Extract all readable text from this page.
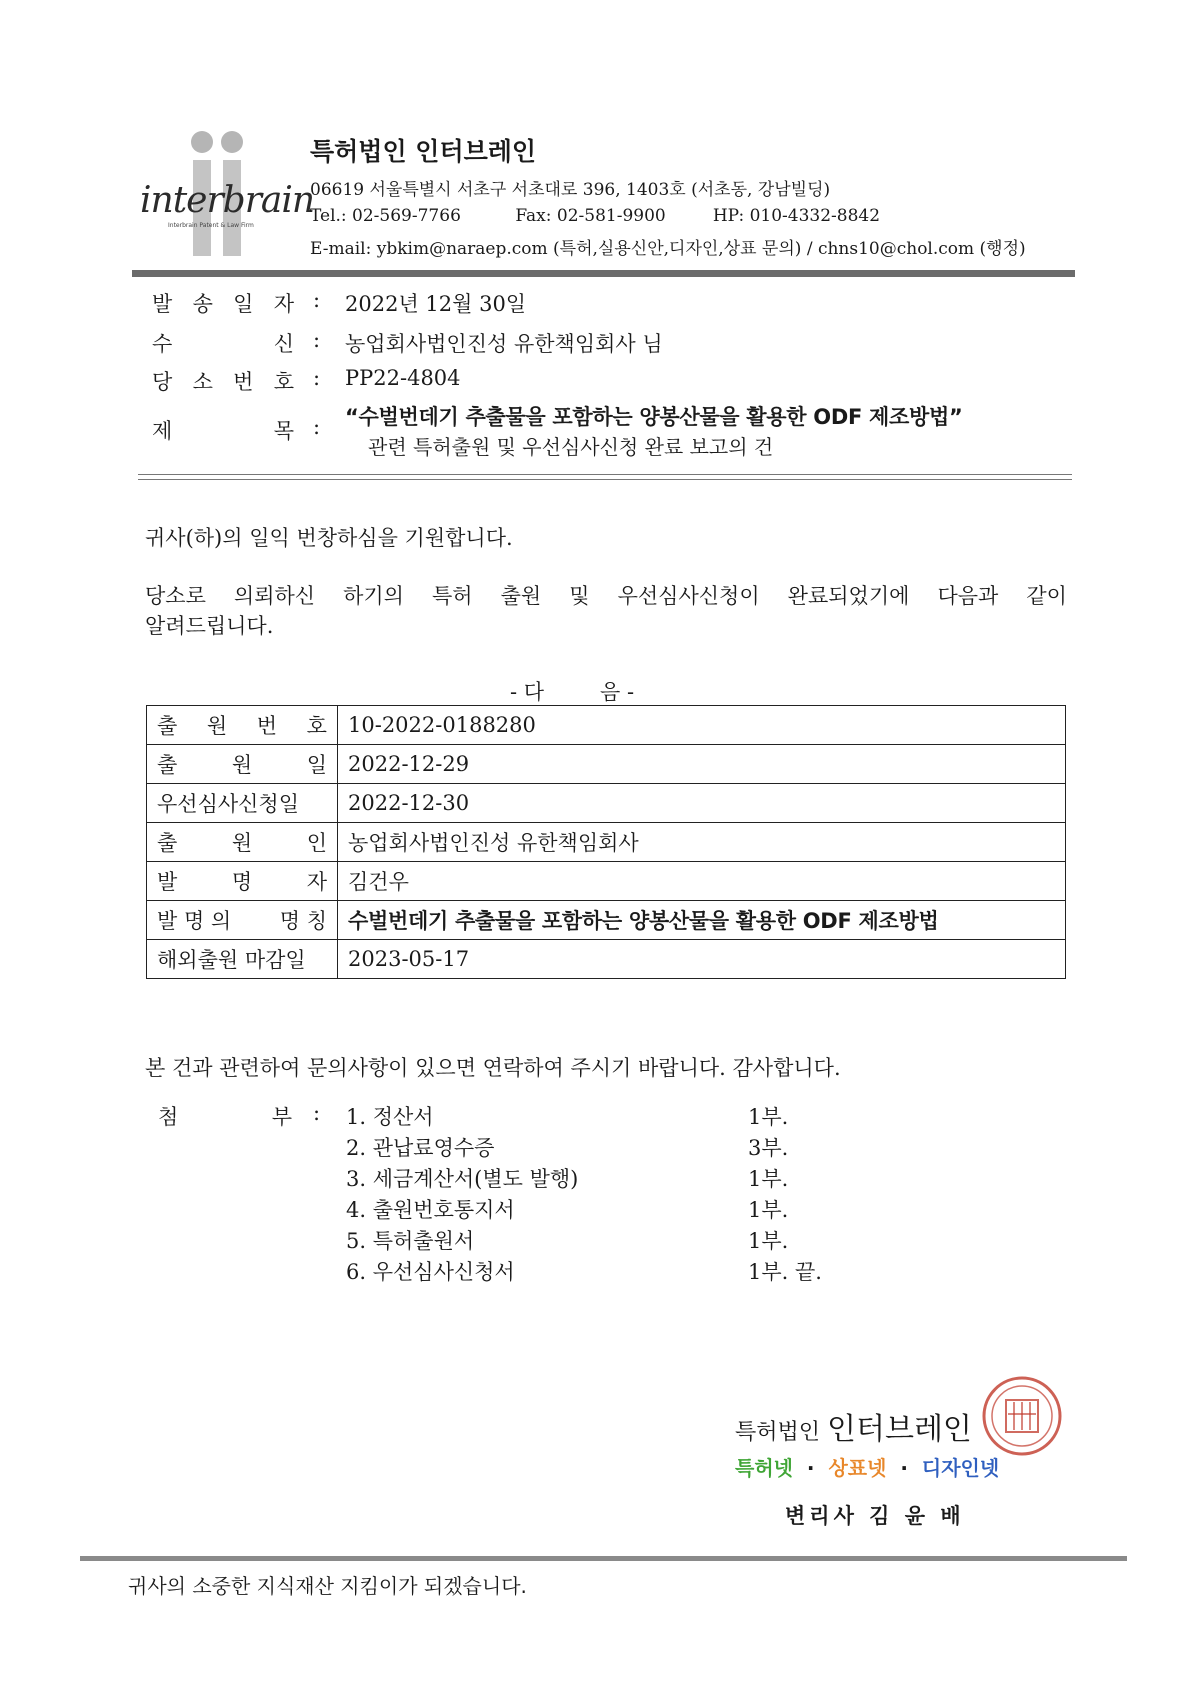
interbrain
Interbrain Patent & Law Firm
특허법인 인터브레인
06619 서울특별시 서초구 서초대로 396, 1403호 (서초동, 강남빌딩)
Tel.: 02-569-7766	Fax: 02-581-9900	HP: 010-4332-8842
E-mail: ybkim@naraep.com (특허,실용신안,디자인,상표 문의) / chns10@chol.com (행정)
발 송 일 자 : 2022년 12월 30일
수	신 : 농업회사법인진성 유한책임회사 님
당 소 번 호 : PP22-4804
제	목 : “수벌번데기 추출물을 포함하는 양봉산물을 활용한 ODF 제조방법”
관련 특허출원 및 우선심사신청 완료 보고의 건
귀사(하)의 일익 번창하심을 기원합니다.
당소로 의뢰하신 하기의 특허 출원 및 우선심사신청이 완료되었기에 다음과 같이
알려드립니다.
- 다	음 -
출 원 번 호	10-2022-0188280

출 원 일	2022-12-29

우선심사신청일	2022-12-30

출 원 인	농업회사법인진성 유한책임회사

발 명 자	김건우

발 명 의 명 칭	수벌번데기 추출물을 포함하는 양봉산물을 활용한 ODF 제조방법

해외출원 마감일	2023-05-17
본 건과 관련하여 문의사항이 있으면 연락하여 주시기 바랍니다. 감사합니다.
첨	부 : 1. 정산서	1부.
2. 관납료영수증	3부.
3. 세금계산서(별도 발행)	1부.
4. 출원번호통지서	1부.
5. 특허출원서	1부.
6. 우선심사신청서	1부. 끝.
특허법인 인터브레인
특허넷 · 상표넷 · 디자인넷
변리사 김 윤 배
귀사의 소중한 지식재산 지킴이가 되겠습니다.
